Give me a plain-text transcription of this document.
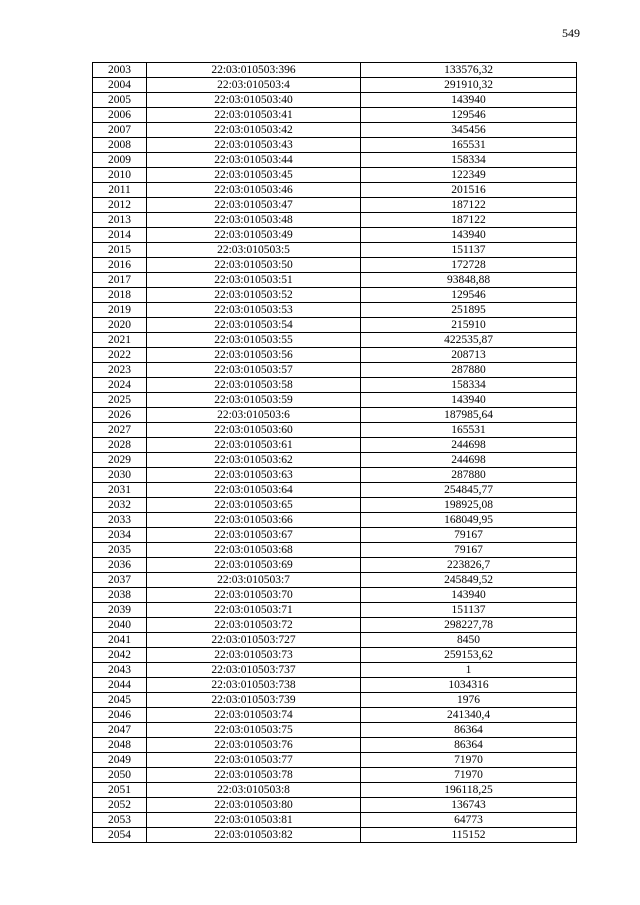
549
2003	22:03:010503:396	133576,32
2004	22:03:010503:4	291910,32
2005	22:03:010503:40	143940
2006	22:03:010503:41	129546
2007	22:03:010503:42	345456
2008	22:03:010503:43	165531
2009	22:03:010503:44	158334
2010	22:03:010503:45	122349
2011	22:03:010503:46	201516
2012	22:03:010503:47	187122
2013	22:03:010503:48	187122
2014	22:03:010503:49	143940
2015	22:03:010503:5	151137
2016	22:03:010503:50	172728
2017	22:03:010503:51	93848,88
2018	22:03:010503:52	129546
2019	22:03:010503:53	251895
2020	22:03:010503:54	215910
2021	22:03:010503:55	422535,87
2022	22:03:010503:56	208713
2023	22:03:010503:57	287880
2024	22:03:010503:58	158334
2025	22:03:010503:59	143940
2026	22:03:010503:6	187985,64
2027	22:03:010503:60	165531
2028	22:03:010503:61	244698
2029	22:03:010503:62	244698
2030	22:03:010503:63	287880
2031	22:03:010503:64	254845,77
2032	22:03:010503:65	198925,08
2033	22:03:010503:66	168049,95
2034	22:03:010503:67	79167
2035	22:03:010503:68	79167
2036	22:03:010503:69	223826,7
2037	22:03:010503:7	245849,52
2038	22:03:010503:70	143940
2039	22:03:010503:71	151137
2040	22:03:010503:72	298227,78
2041	22:03:010503:727	8450
2042	22:03:010503:73	259153,62
2043	22:03:010503:737	1
2044	22:03:010503:738	1034316
2045	22:03:010503:739	1976
2046	22:03:010503:74	241340,4
2047	22:03:010503:75	86364
2048	22:03:010503:76	86364
2049	22:03:010503:77	71970
2050	22:03:010503:78	71970
2051	22:03:010503:8	196118,25
2052	22:03:010503:80	136743
2053	22:03:010503:81	64773
2054	22:03:010503:82	115152
